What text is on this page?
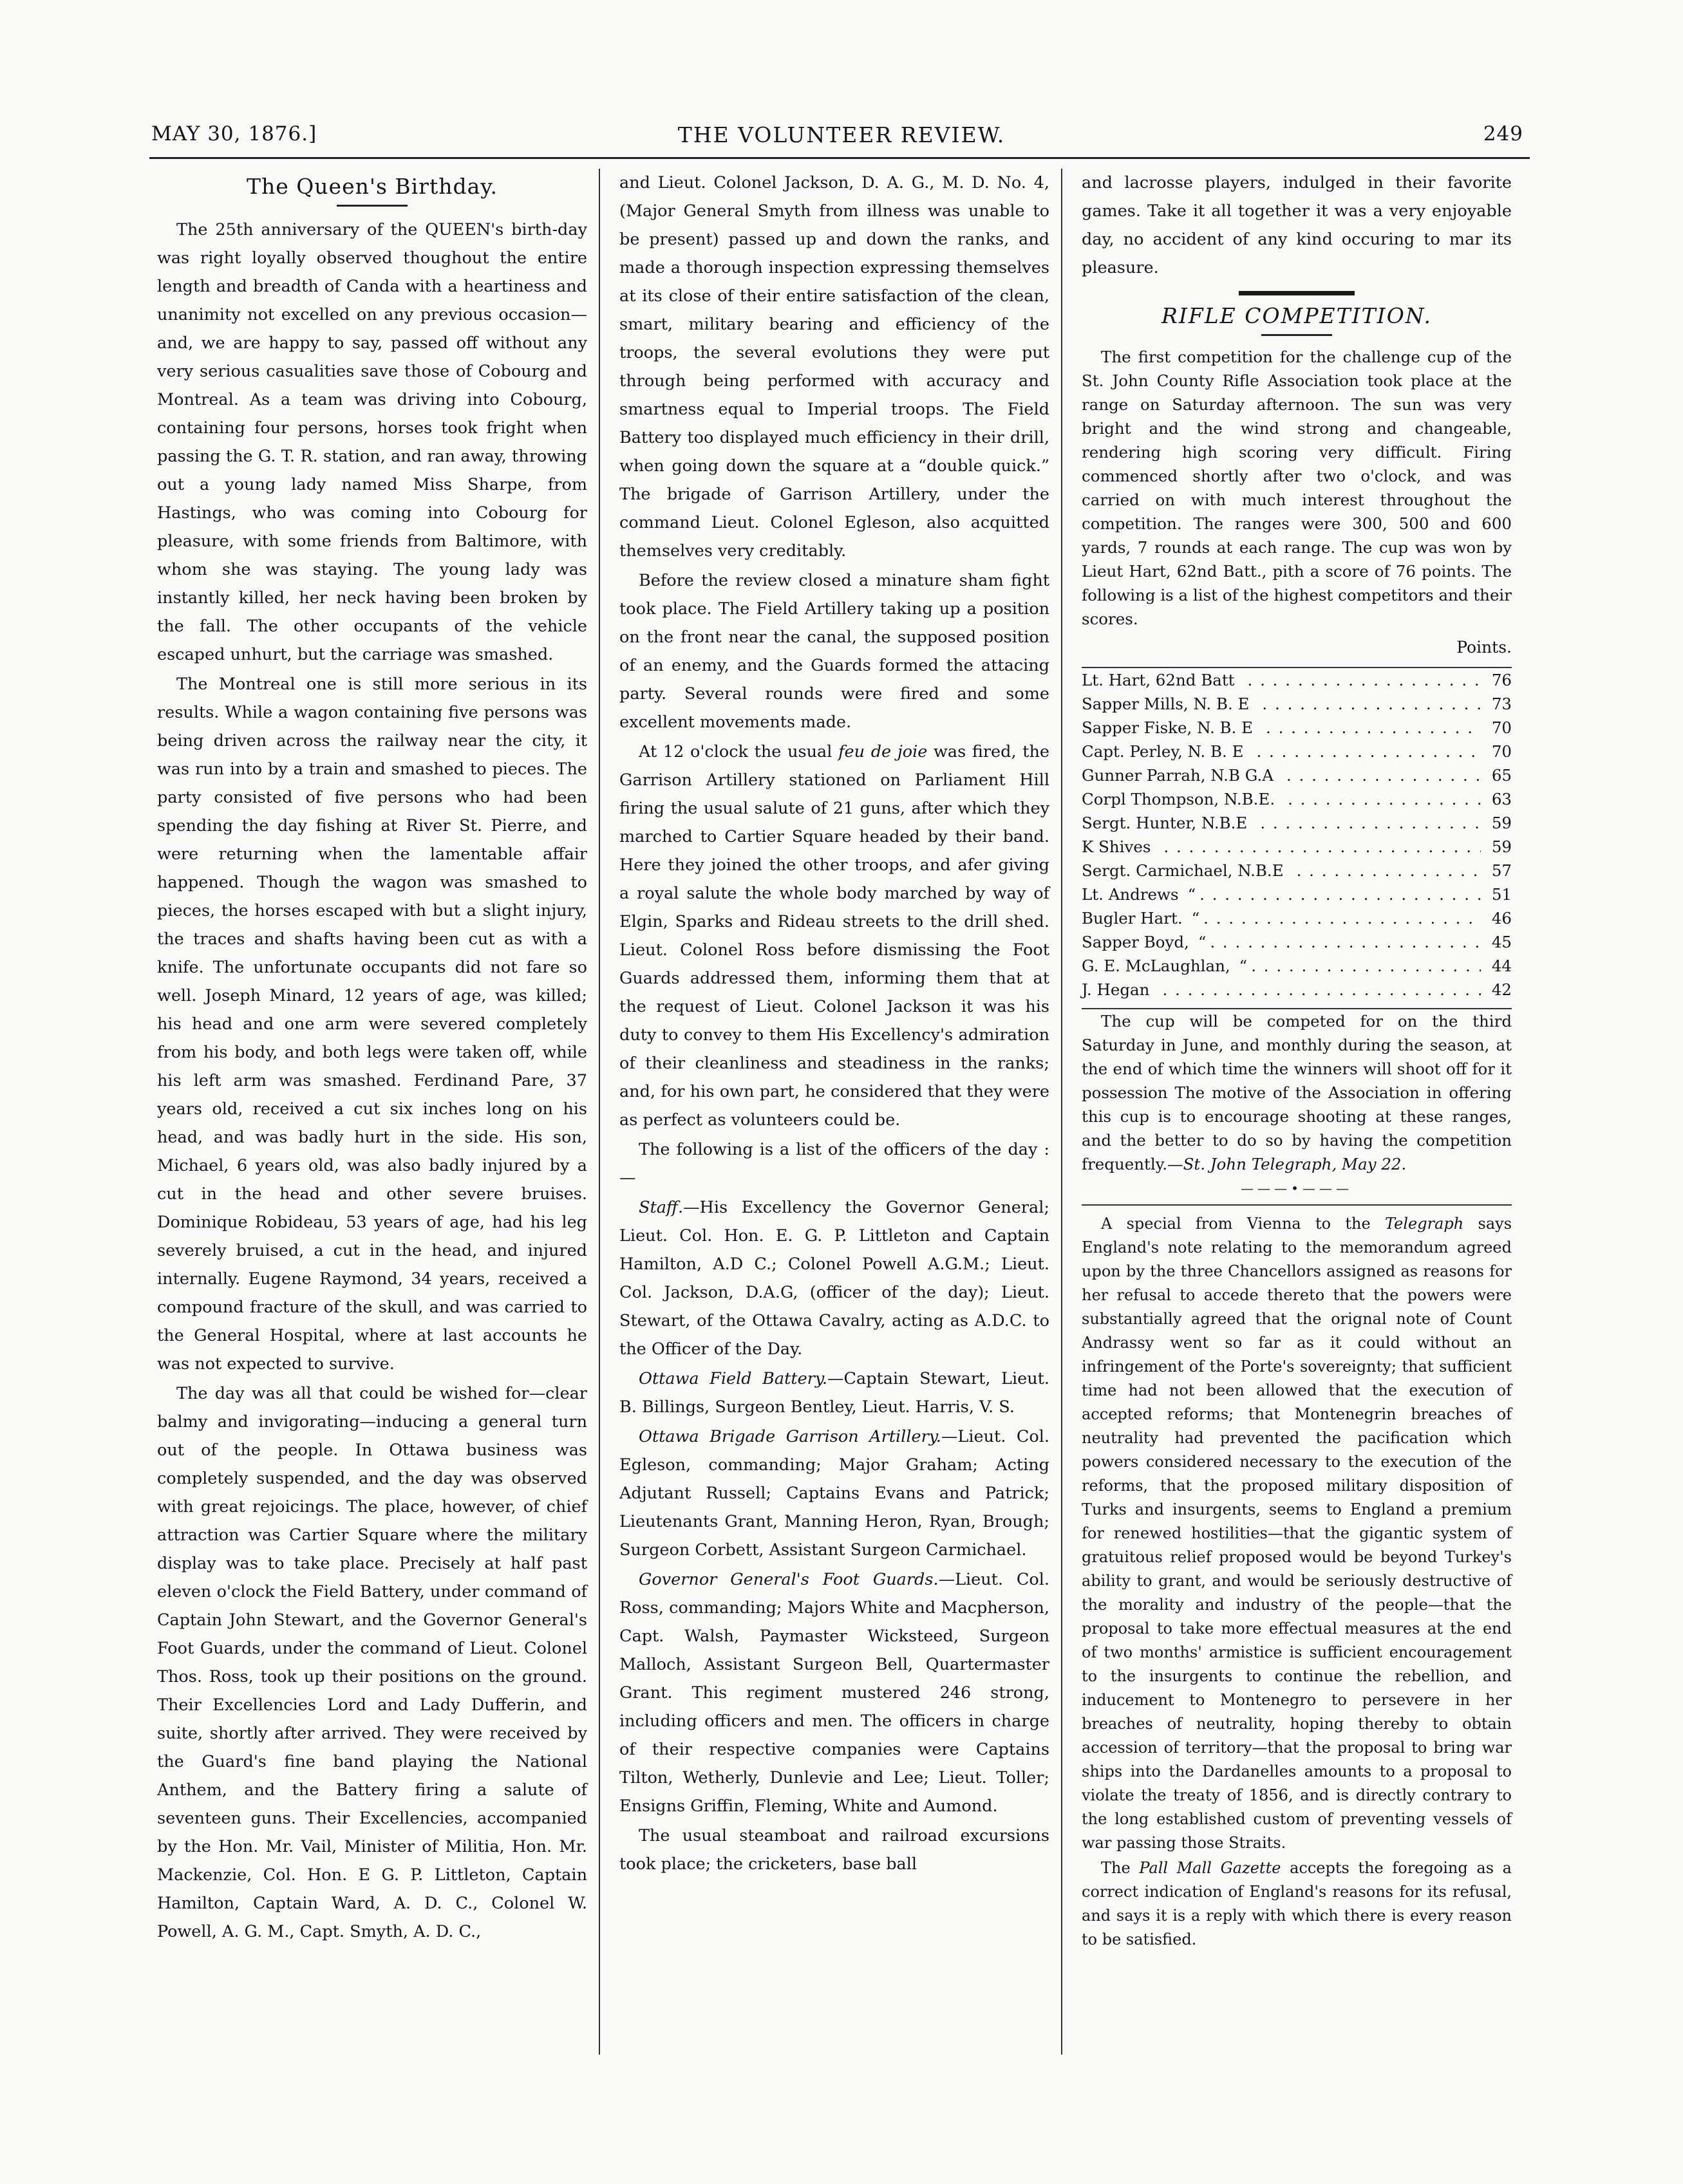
MAY 30, 1876.]	THE VOLUNTEER REVIEW.	249
The Queen's Birthday.

The 25th anniversary of the QUEEN's birth-day was right loyally observed thoughout the entire length and breadth of Canda with a heartiness and unanimity not excelled on any previous occasion—and, we are happy to say, passed off without any very serious casualities save those of Cobourg and Montreal. As a team was driving into Cobourg, containing four persons, horses took fright when passing the G. T. R. station, and ran away, throwing out a young lady named Miss Sharpe, from Hastings, who was coming into Cobourg for pleasure, with some friends from Baltimore, with whom she was staying. The young lady was instantly killed, her neck having been broken by the fall. The other occupants of the vehicle escaped unhurt, but the carriage was smashed.

The Montreal one is still more serious in its results. While a wagon containing five persons was being driven across the railway near the city, it was run into by a train and smashed to pieces. The party consisted of five persons who had been spending the day fishing at River St. Pierre, and were returning when the lamentable affair happened. Though the wagon was smashed to pieces, the horses escaped with but a slight injury, the traces and shafts having been cut as with a knife. The unfortunate occupants did not fare so well. Joseph Minard, 12 years of age, was killed; his head and one arm were severed completely from his body, and both legs were taken off, while his left arm was smashed. Ferdinand Pare, 37 years old, received a cut six inches long on his head, and was badly hurt in the side. His son, Michael, 6 years old, was also badly injured by a cut in the head and other severe bruises. Dominique Robideau, 53 years of age, had his leg severely bruised, a cut in the head, and injured internally. Eugene Raymond, 34 years, received a compound fracture of the skull, and was carried to the General Hospital, where at last accounts he was not expected to survive.

The day was all that could be wished for—clear balmy and invigorating—inducing a general turn out of the people. In Ottawa business was completely suspended, and the day was observed with great rejoicings. The place, however, of chief attraction was Cartier Square where the military display was to take place. Precisely at half past eleven o'clock the Field Battery, under command of Captain John Stewart, and the Governor General's Foot Guards, under the command of Lieut. Colonel Thos. Ross, took up their positions on the ground. Their Excellencies Lord and Lady Dufferin, and suite, shortly after arrived. They were received by the Guard's fine band playing the National Anthem, and the Battery firing a salute of seventeen guns. Their Excellencies, accompanied by the Hon. Mr. Vail, Minister of Militia, Hon. Mr. Mackenzie, Col. Hon. E G. P. Littleton, Captain Hamilton, Captain Ward, A. D. C., Colonel W. Powell, A. G. M., Capt. Smyth, A. D. C.,

and Lieut. Colonel Jackson, D. A. G., M. D. No. 4, (Major General Smyth from illness was unable to be present) passed up and down the ranks, and made a thorough inspection expressing themselves at its close of their entire satisfaction of the clean, smart, military bearing and efficiency of the troops, the several evolutions they were put through being performed with accuracy and smartness equal to Imperial troops. The Field Battery too displayed much efficiency in their drill, when going down the square at a “double quick.” The brigade of Garrison Artillery, under the command Lieut. Colonel Egleson, also acquitted themselves very creditably.

Before the review closed a minature sham fight took place. The Field Artillery taking up a position on the front near the canal, the supposed position of an enemy, and the Guards formed the attacing party. Several rounds were fired and some excellent movements made.

At 12 o'clock the usual feu de joie was fired, the Garrison Artillery stationed on Parliament Hill firing the usual salute of 21 guns, after which they marched to Cartier Square headed by their band. Here they joined the other troops, and afer giving a royal salute the whole body marched by way of Elgin, Sparks and Rideau streets to the drill shed. Lieut. Colonel Ross before dismissing the Foot Guards addressed them, informing them that at the request of Lieut. Colonel Jackson it was his duty to convey to them His Excellency's admiration of their cleanliness and steadiness in the ranks; and, for his own part, he considered that they were as perfect as volunteers could be.

The following is a list of the officers of the day :—

Staff.—His Excellency the Governor General; Lieut. Col. Hon. E. G. P. Littleton and Captain Hamilton, A.D C.; Colonel Powell A.G.M.; Lieut. Col. Jackson, D.A.G, (officer of the day); Lieut. Stewart, of the Ottawa Cavalry, acting as A.D.C. to the Officer of the Day.

Ottawa Field Battery.—Captain Stewart, Lieut. B. Billings, Surgeon Bentley, Lieut. Harris, V. S.

Ottawa Brigade Garrison Artillery.—Lieut. Col. Egleson, commanding; Major Graham; Acting Adjutant Russell; Captains Evans and Patrick; Lieutenants Grant, Manning Heron, Ryan, Brough; Surgeon Corbett, Assistant Surgeon Carmichael.

Governor General's Foot Guards.—Lieut. Col. Ross, commanding; Majors White and Macpherson, Capt. Walsh, Paymaster Wicksteed, Surgeon Malloch, Assistant Surgeon Bell, Quartermaster Grant. This regiment mustered 246 strong, including officers and men. The officers in charge of their respective companies were Captains Tilton, Wetherly, Dunlevie and Lee; Lieut. Toller; Ensigns Griffin, Fleming, White and Aumond.

The usual steamboat and railroad excursions took place; the cricketers, base ball

and lacrosse players, indulged in their favorite games. Take it all together it was a very enjoyable day, no accident of any kind occuring to mar its pleasure.

RIFLE COMPETITION.

The first competition for the challenge cup of the St. John County Rifle Association took place at the range on Saturday afternoon. The sun was very bright and the wind strong and changeable, rendering high scoring very difficult. Firing commenced shortly after two o'clock, and was carried on with much interest throughout the competition. The ranges were 300, 500 and 600 yards, 7 rounds at each range. The cup was won by Lieut Hart, 62nd Batt., pith a score of 76 points. The following is a list of the highest competitors and their scores.

Points.
Lt. Hart, 62nd Batt . . .	76
Sapper Mills, N. B. E . . .	73
Sapper Fiske, N. B. E . . .	70
Capt. Perley, N. B. E . . .	70
Gunner Parrah, N.B G.A . . .	65
Corpl Thompson, N.B.E. . . .	63
Sergt. Hunter, N.B.E . . .	59
K Shives . . .	59
Sergt. Carmichael, N.B.E . . .	57
Lt. Andrews “ . . .	51
Bugler Hart. “ . . .	46
Sapper Boyd, “ . . .	45
G. E. McLaughlan, “ . . .	44
J. Hegan . . .	42

The cup will be competed for on the third Saturday in June, and monthly during the season, at the end of which time the winners will shoot off for it possession The motive of the Association in offering this cup is to encourage shooting at these ranges, and the better to do so by having the competition frequently.—St. John Telegraph, May 22.

———•———

A special from Vienna to the Telegraph says England's note relating to the memorandum agreed upon by the three Chancellors assigned as reasons for her refusal to accede thereto that the powers were substantially agreed that the orignal note of Count Andrassy went so far as it could without an infringement of the Porte's sovereignty; that sufficient time had not been allowed that the execution of accepted reforms; that Montenegrin breaches of neutrality had prevented the pacification which powers considered necessary to the execution of the reforms, that the proposed military disposition of Turks and insurgents, seems to England a premium for renewed hostilities—that the gigantic system of gratuitous relief proposed would be beyond Turkey's ability to grant, and would be seriously destructive of the morality and industry of the people—that the proposal to take more effectual measures at the end of two months' armistice is sufficient encouragement to the insurgents to continue the rebellion, and inducement to Montenegro to persevere in her breaches of neutrality, hoping thereby to obtain accession of territory—that the proposal to bring war ships into the Dardanelles amounts to a proposal to violate the treaty of 1856, and is directly contrary to the long established custom of preventing vessels of war passing those Straits.

The Pall Mall Gazette accepts the foregoing as a correct indication of England's reasons for its refusal, and says it is a reply with which there is every reason to be satisfied.
